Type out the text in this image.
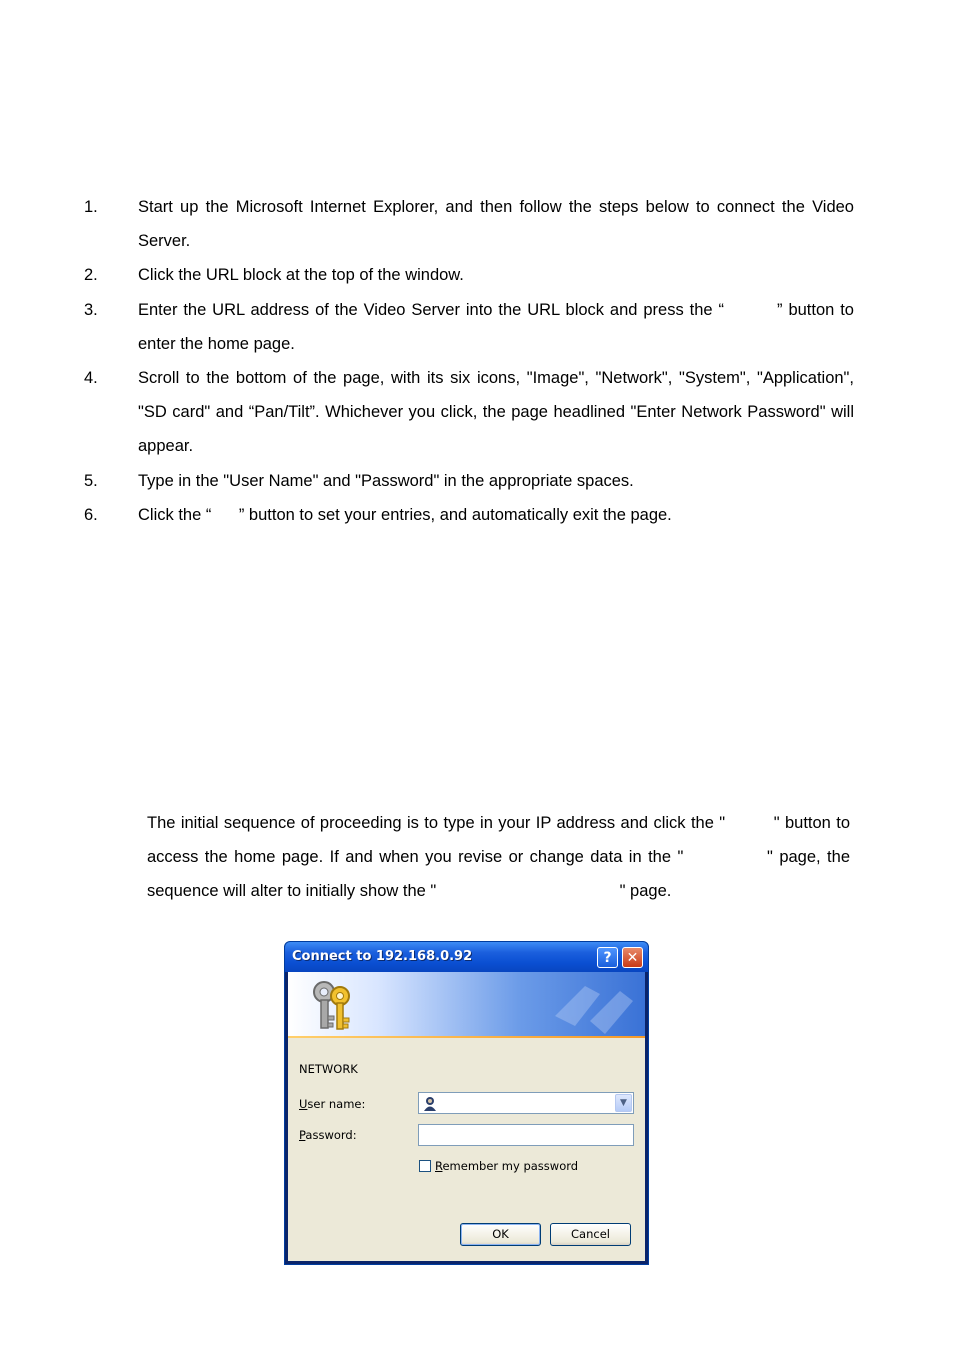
1. Start up the Microsoft Internet Explorer, and then follow the steps below to connect the Video Server.
2. Click the URL block at the top of the window.
3. Enter the URL address of the Video Server into the URL block and press the “         ” button to enter the home page.
4. Scroll to the bottom of the page, with its six icons, "Image", "Network", "System", "Application", "SD card" and “Pan/Tilt”. Whichever you click, the page headlined "Enter Network Password" will appear.
5. Type in the "User Name" and "Password" in the appropriate spaces.
6. Click the “      ” button to set your entries, and automatically exit the page.

The initial sequence of proceeding is to type in your IP address and click the "         " button to access the home page. If and when you revise or change data in the "             " page, the sequence will alter to initially show the "                                        " page.

Connect to 192.168.0.92	?	✕
NETWORK
User name:	▼
Password:
Remember my password
OK	Cancel
